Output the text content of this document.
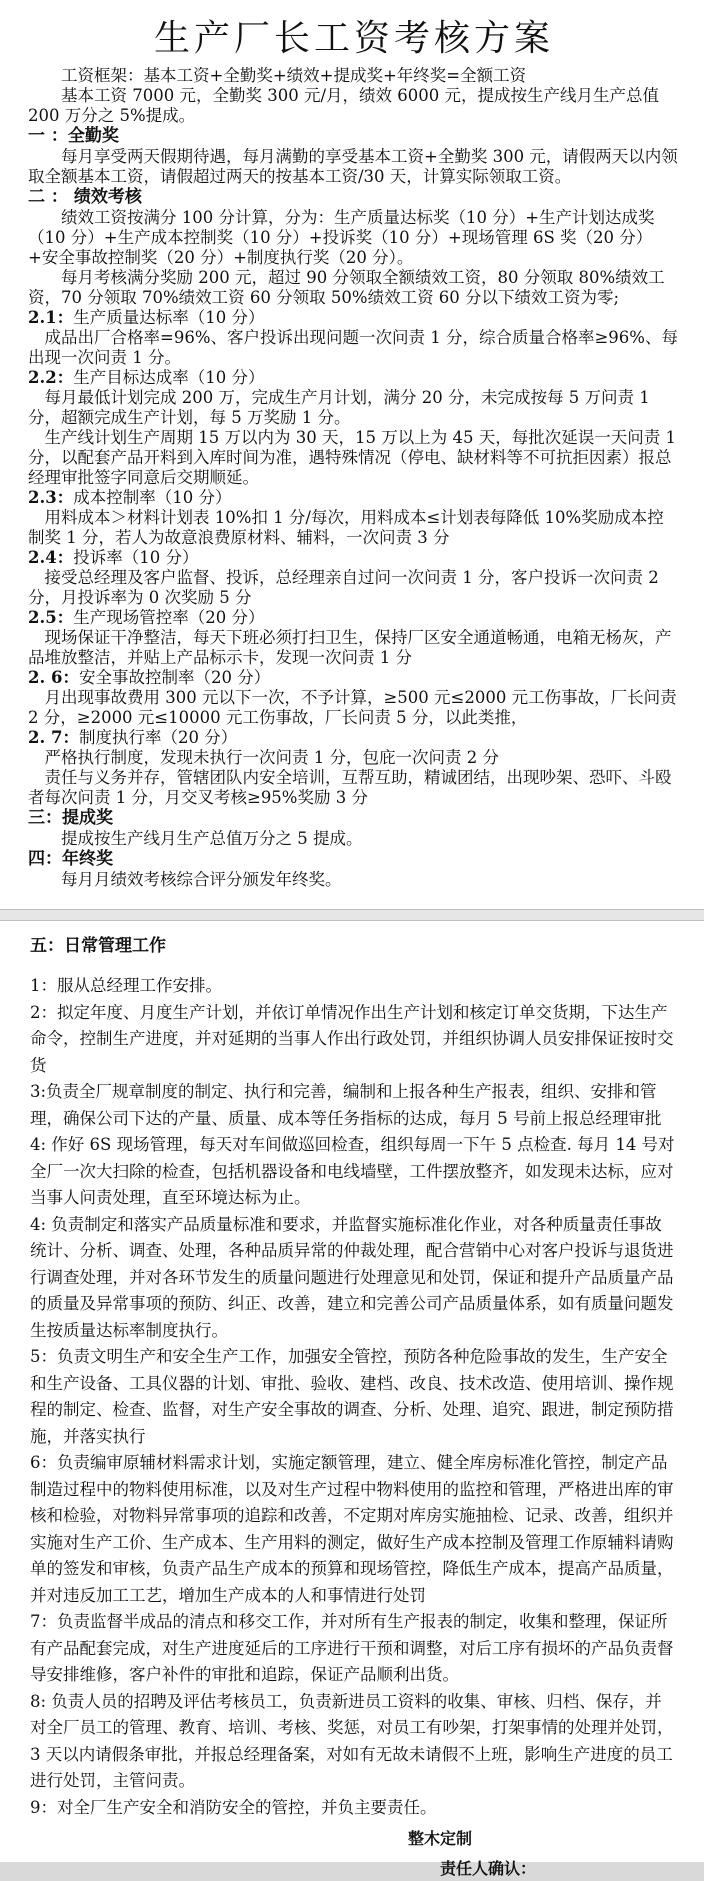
生产厂长工资考核方案

工资框架：基本工资+全勤奖+绩效+提成奖+年终奖=全额工资

基本工资 7000 元，全勤奖 300 元/月，绩效 6000 元，提成按生产线月生产总值 200 万分之 5%提成。

一 ：全勤奖

每月享受两天假期待遇，每月满勤的享受基本工资+全勤奖 300 元，请假两天以内领取全额基本工资，请假超过两天的按基本工资/30 天，计算实际领取工资。

二 ： 绩效考核

绩效工资按满分 100 分计算，分为：生产质量达标奖（10 分）+生产计划达成奖（10 分）+生产成本控制奖（10 分）+投诉奖（10 分）+现场管理 6S 奖（20 分）+安全事故控制奖（20 分）+制度执行奖（20 分）。

每月考核满分奖励 200 元，超过 90 分领取全额绩效工资，80 分领取 80%绩效工资，70 分领取 70%绩效工资 60 分领取 50%绩效工资 60 分以下绩效工资为零;

2.1：生产质量达标率（10 分）

成品出厂合格率=96%、客户投诉出现问题一次问责 1 分，综合质量合格率≥96%、每出现一次问责 1 分。

2.2：生产目标达成率（10 分）

每月最低计划完成 200 万，完成生产月计划，满分 20 分，未完成按每 5 万问责 1 分，超额完成生产计划，每 5 万奖励 1 分。

生产线计划生产周期 15 万以内为 30 天，15 万以上为 45 天，每批次延误一天问责 1 分，以配套产品开料到入库时间为准，遇特殊情况（停电、缺材料等不可抗拒因素）报总经理审批签字同意后交期顺延。

2.3：成本控制率（10 分）

用料成本＞材料计划表 10%扣 1 分/每次，用料成本≤计划表每降低 10%奖励成本控制奖 1 分，若人为故意浪费原材料、辅料，一次问责 3 分

2.4：投诉率（10 分）

接受总经理及客户监督、投诉，总经理亲自过问一次问责 1 分，客户投诉一次问责 2 分，月投诉率为 0 次奖励 5 分

2.5：生产现场管控率（20 分）

现场保证干净整洁，每天下班必须打扫卫生，保持厂区安全通道畅通，电箱无杨灰，产品堆放整洁，并贴上产品标示卡，发现一次问责 1 分

2. 6：安全事故控制率（20 分）

月出现事故费用 300 元以下一次，不予计算，≥500 元≤2000 元工伤事故，厂长问责 2 分，≥2000 元≤10000 元工伤事故，厂长问责 5 分，以此类推，

2. 7：制度执行率（20 分）

严格执行制度，发现未执行一次问责 1 分，包庇一次问责 2 分

责任与义务并存，管辖团队内安全培训，互帮互助，精诚团结，出现吵架、恐吓、斗殴者每次问责 1 分，月交叉考核≥95%奖励 3 分

三：提成奖

提成按生产线月生产总值万分之 5 提成。

四：年终奖

每月月绩效考核综合评分颁发年终奖。

五：日常管理工作

1：服从总经理工作安排。

2：拟定年度、月度生产计划，并依订单情况作出生产计划和核定订单交货期，下达生产命令，控制生产进度，并对延期的当事人作出行政处罚，并组织协调人员安排保证按时交货

3:负责全厂规章制度的制定、执行和完善，编制和上报各种生产报表，组织、安排和管理，确保公司下达的产量、质量、成本等任务指标的达成，每月 5 号前上报总经理审批

4: 作好 6S 现场管理，每天对车间做巡回检查，组织每周一下午 5 点检查. 每月 14 号对全厂一次大扫除的检查，包括机器设备和电线墙壁，工件摆放整齐，如发现未达标，应对当事人问责处理，直至环境达标为止。

4: 负责制定和落实产品质量标准和要求，并监督实施标准化作业，对各种质量责任事故统计、分析、调查、处理，各种品质异常的仲裁处理，配合营销中心对客户投诉与退货进行调查处理，并对各环节发生的质量问题进行处理意见和处罚，保证和提升产品质量产品的质量及异常事项的预防、纠正、改善，建立和完善公司产品质量体系，如有质量问题发生按质量达标率制度执行。

5：负责文明生产和安全生产工作，加强安全管控，预防各种危险事故的发生，生产安全和生产设备、工具仪器的计划、审批、验收、建档、改良、技术改造、使用培训、操作规程的制定、检查、监督，对生产安全事故的调查、分析、处理、追究、跟进，制定预防措施，并落实执行

6：负责编审原辅材料需求计划，实施定额管理，建立、健全库房标准化管控，制定产品制造过程中的物料使用标准，以及对生产过程中物料使用的监控和管理，严格进出库的审核和检验，对物料异常事项的追踪和改善，不定期对库房实施抽检、记录、改善，组织并实施对生产工价、生产成本、生产用料的测定，做好生产成本控制及管理工作原辅料请购单的签发和审核，负责产品生产成本的预算和现场管控，降低生产成本，提高产品质量，并对违反加工工艺，增加生产成本的人和事情进行处罚

7：负责监督半成品的清点和移交工作，并对所有生产报表的制定，收集和整理，保证所有产品配套完成，对生产进度延后的工序进行干预和调整，对后工序有损坏的产品负责督导安排维修，客户补件的审批和追踪，保证产品顺利出货。

8: 负责人员的招聘及评估考核员工，负责新进员工资料的收集、审核、归档、保存，并对全厂员工的管理、教育、培训、考核、奖惩，对员工有吵架，打架事情的处理并处罚，3 天以内请假条审批，并报总经理备案，对如有无故未请假不上班，影响生产进度的员工进行处罚，主管问责。

9：对全厂生产安全和消防安全的管控，并负主要责任。

整木定制

责任人确认：
